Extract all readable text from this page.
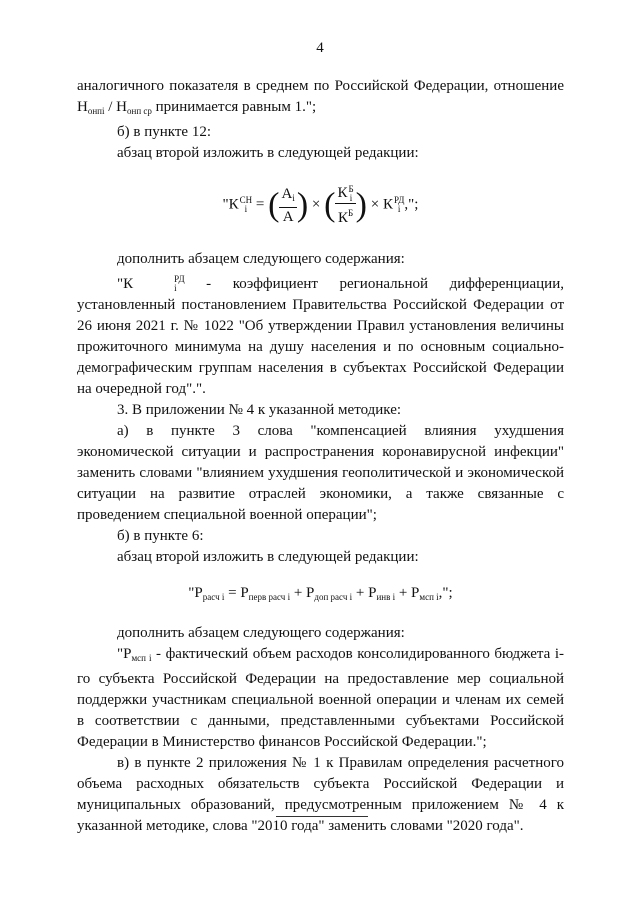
4

аналогичного показателя в среднем по Российской Федерации, отношение

$Н_{онпі} / Н_{онп ср}$ принимается равным 1.";

б) в пункте 12:

абзац второй изложить в следующей редакции:

"К СН
i = ( $\frac{А_i}{А}$ ) × ( К Б
i
$К^Б$ ) × К РД
i ,";

дополнить абзацем следующего содержания:

"К	РД
i - коэффициент региональной дифференциации, установленный постановлением Правительства Российской Федерации от 26 июня 2021 г. № 1022 "Об утверждении Правил установления величины прожиточного минимума на душу населения и по основным социально-демографическим группам населения в субъектах Российской Федерации на очередной год".".

3. В приложении № 4 к указанной методике:

а) в пункте 3 слова "компенсацией влияния ухудшения экономической ситуации и распространения коронавирусной инфекции" заменить словами "влиянием ухудшения геополитической и экономической ситуации на развитие отраслей экономики, а также связанные с проведением специальной военной операции";

б) в пункте 6:

абзац второй изложить в следующей редакции:

"$Р_{расч i} = Р_{перв расч i} + Р_{доп расч i} + Р_{инв i} + Р_{мсп i}$,";

дополнить абзацем следующего содержания:

"$Р_{мсп i}$ - фактический объем расходов консолидированного бюджета i-го субъекта Российской Федерации на предоставление мер социальной поддержки участникам специальной военной операции и членам их семей в соответствии с данными, представленными субъектами Российской Федерации в Министерство финансов Российской Федерации.";

в) в пункте 2 приложения № 1 к Правилам определения расчетного объема расходных обязательств субъекта Российской Федерации и муниципальных образований, предусмотренным приложением № 4 к указанной методике, слова "2010 года" заменить словами "2020 года".
